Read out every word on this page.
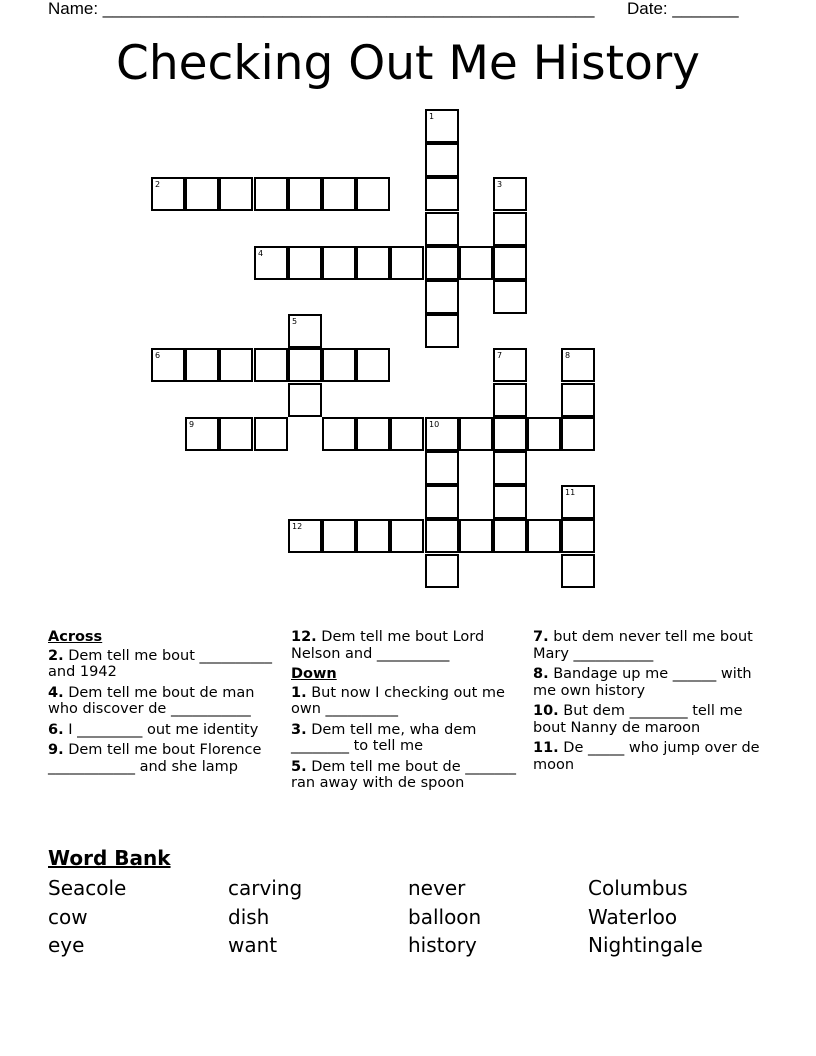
Name: ____________________________________________________ Date: _______
Checking Out Me History
1
2	3
4
5
6	7	8
9	10
11
12
Across
2. Dem tell me bout __________ and 1942
4. Dem tell me bout de man who discover de ___________
6. I _________ out me identity
9. Dem tell me bout Florence ____________ and she lamp
12. Dem tell me bout Lord Nelson and __________
Down
1. But now I checking out me own __________
3. Dem tell me, wha dem ________ to tell me
5. Dem tell me bout de _______ ran away with de spoon
7. but dem never tell me bout Mary ___________
8. Bandage up me ______ with me own history
10. But dem ________ tell me bout Nanny de maroon
11. De _____ who jump over de moon
Word Bank
Seacole	carving	never	Columbus
cow	dish	balloon	Waterloo
eye	want	history	Nightingale
